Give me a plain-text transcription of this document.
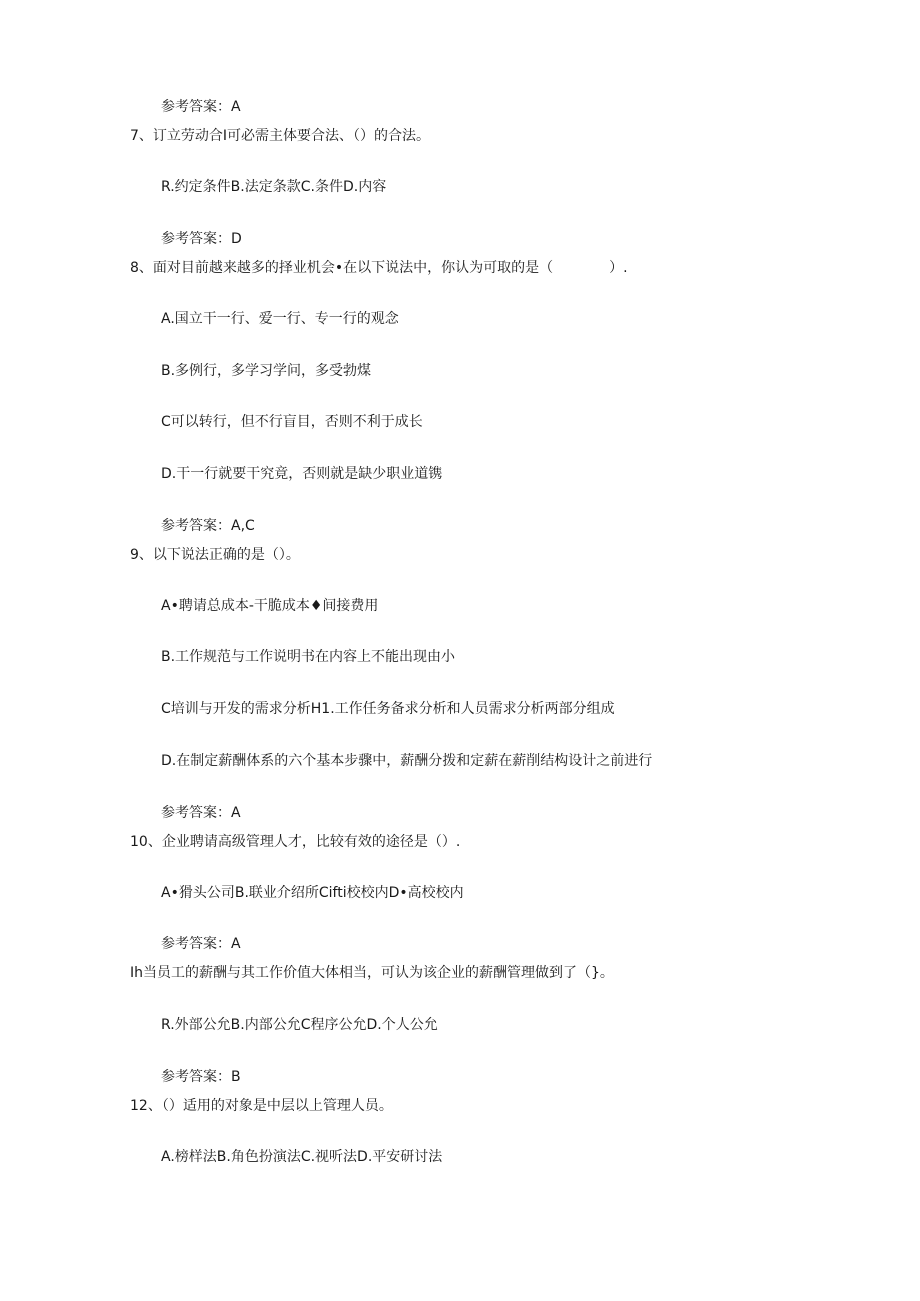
参考答案：A
7、订立劳动合I可必需主体要合法、（）的合法。
R.约定条件B.法定条款C.条件D.内容
参考答案：D
8、面对目前越来越多的择业机会•在以下说法中，你认为可取的是（　　　　）.
A.国立干一行、爱一行、专一行的观念
B.多例行，多学习学问，多受勃煤
C可以转行，但不行盲目，否则不利于成长
D.干一行就要干究竟，否则就是缺少职业道镌
参考答案：A,C
9、以下说法正确的是（）。
A•聘请总成本-干脆成本♦间接费用
B.工作规范与工作说明书在内容上不能出现由小
C培训与开发的需求分析H1.工作任务备求分析和人员需求分析两部分组成
D.在制定薪酬体系的六个基本步骤中，薪酬分拨和定薪在薪削结构设计之前进行
参考答案：A
10、企业聘请高级管理人才，比较有效的途径是（）.
A•猾头公司B.联业介绍所Cifti校校内D•高校校内
参考答案：A
Ih当员工的薪酬与其工作价值大体相当，可认为该企业的薪酬管理做到了（}。
R.外部公允B.内部公允C程序公允D.个人公允
参考答案：B
12、（）适用的对象是中层以上管理人员。
A.榜样法B.角色扮演法C.视听法D.平安研讨法
